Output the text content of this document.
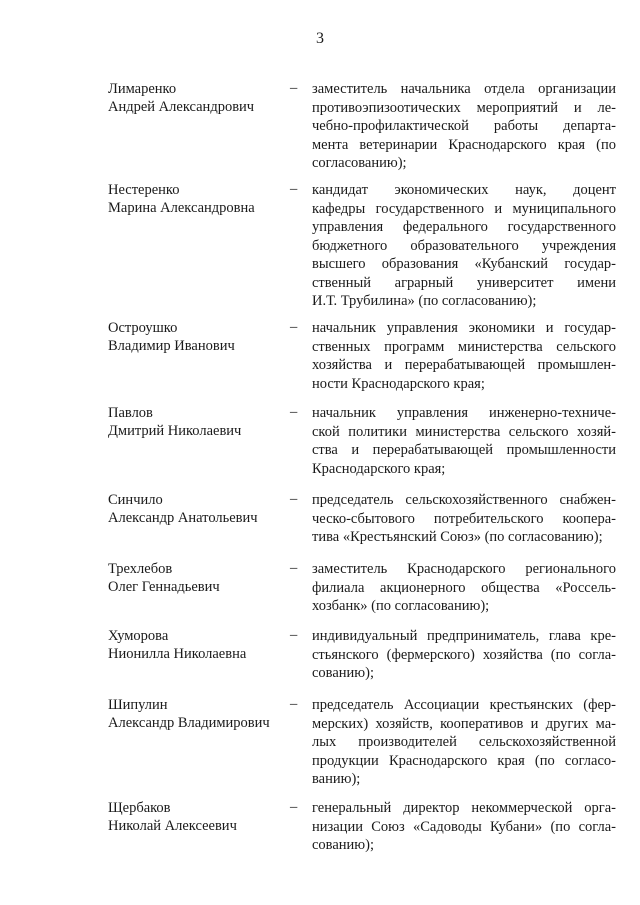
3
Лимаренко
Андрей Александрович
– заместитель начальника отдела организации
противоэпизоотических мероприятий и ле-
чебно-профилактической работы департа-
мента ветеринарии Краснодарского края (по
согласованию);
Нестеренко
Марина Александровна
– кандидат экономических наук, доцент
кафедры государственного и муниципального
управления федерального государственного
бюджетного образовательного учреждения
высшего образования «Кубанский государ-
ственный аграрный университет имени
И.Т. Трубилина» (по согласованию);
Остроушко
Владимир Иванович
– начальник управления экономики и государ-
ственных программ министерства сельского
хозяйства и перерабатывающей промышлен-
ности Краснодарского края;
Павлов
Дмитрий Николаевич
– начальник управления инженерно-техниче-
ской политики министерства сельского хозяй-
ства и перерабатывающей промышленности
Краснодарского края;
Синчило
Александр Анатольевич
– председатель сельскохозяйственного снабжен-
ческо-сбытового потребительского коопера-
тива «Крестьянский Союз» (по согласованию);
Трехлебов
Олег Геннадьевич
– заместитель Краснодарского регионального
филиала акционерного общества «Россель-
хозбанк» (по согласованию);
Хуморова
Нионилла Николаевна
– индивидуальный предприниматель, глава кре-
стьянского (фермерского) хозяйства (по согла-
сованию);
Шипулин
Александр Владимирович
– председатель Ассоциации крестьянских (фер-
мерских) хозяйств, кооперативов и других ма-
лых производителей сельскохозяйственной
продукции Краснодарского края (по согласо-
ванию);
Щербаков
Николай Алексеевич
– генеральный директор некоммерческой орга-
низации Союз «Садоводы Кубани» (по согла-
сованию);
